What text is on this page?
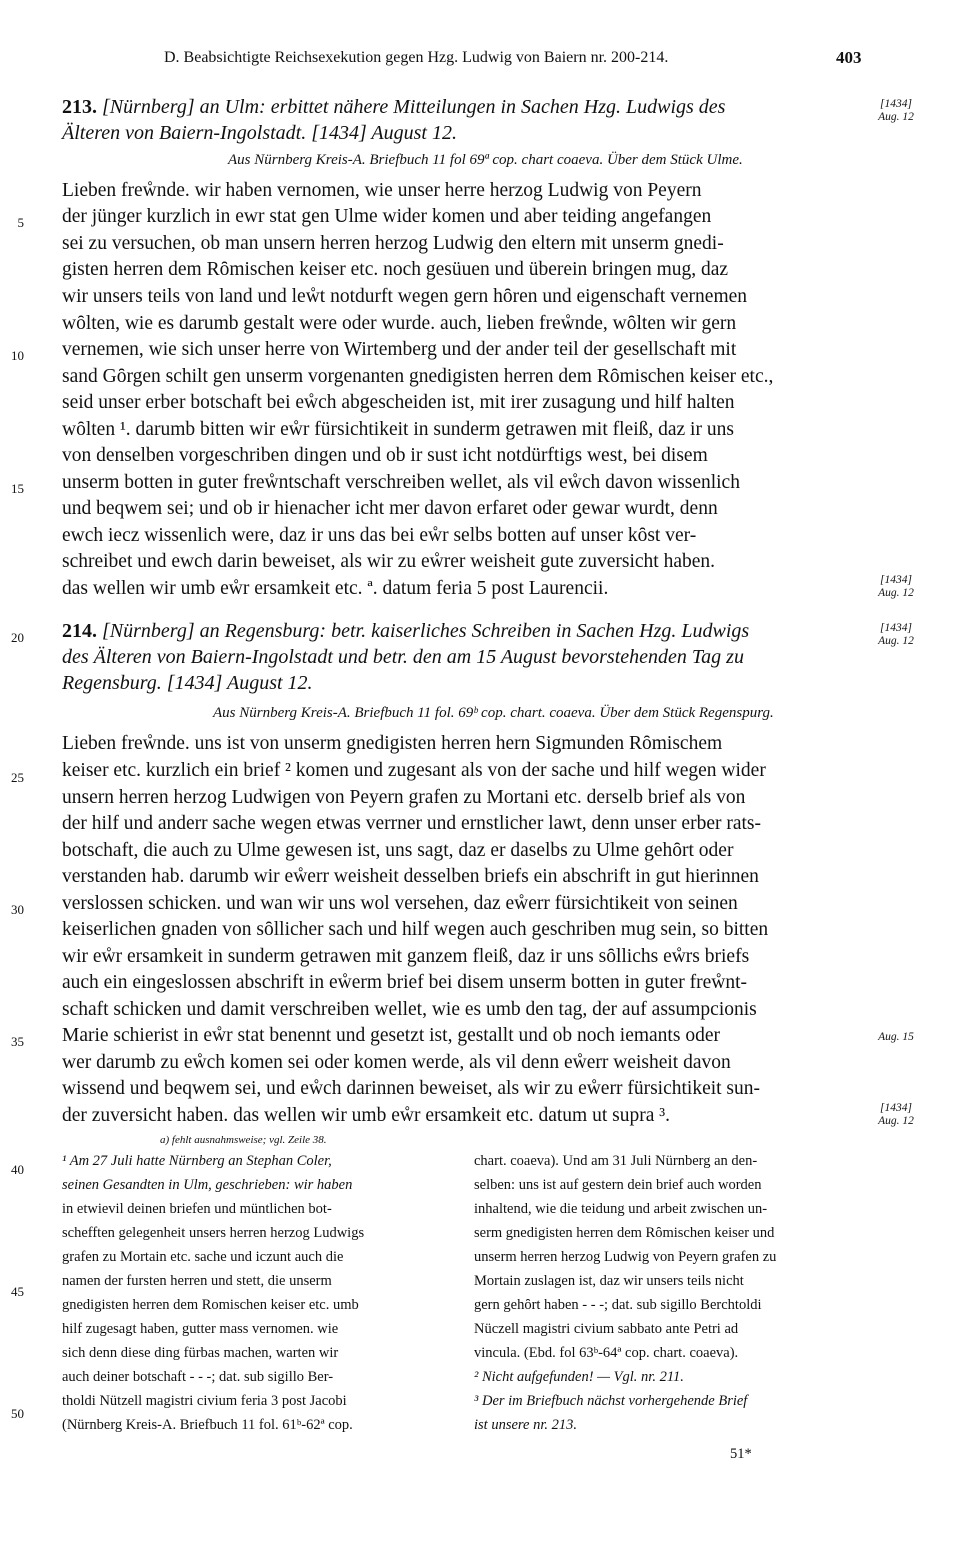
D. Beabsichtigte Reichsexekution gegen Hzg. Ludwig von Baiern nr. 200-214.	403
213. [Nürnberg] an Ulm: erbittet nähere Mitteilungen in Sachen Hzg. Ludwigs des
Älteren von Baiern-Ingolstadt. [1434] August 12.
Aus Nürnberg Kreis-A. Briefbuch 11 fol 69ª cop. chart coaeva. Über dem Stück Ulme.
[1434]
Aug. 12
Lieben freẘnde. wir haben vernomen, wie unser herre herzog Ludwig von Peyern
der jünger kurzlich in ewr stat gen Ulme wider komen und aber teiding angefangen
sei zu versuchen, ob man unsern herren herzog Ludwig den eltern mit unserm gnedi-
gisten herren dem Rȏmischen keiser etc. noch gesüuen und überein bringen mug, daz
wir unsers teils von land und leẘt notdurft wegen gern hȏren und eigenschaft vernemen
wȏlten, wie es darumb gestalt were oder wurde. auch, lieben freẘnde, wȏlten wir gern
vernemen, wie sich unser herre von Wirtemberg und der ander teil der gesellschaft mit
sand Gȏrgen schilt gen unserm vorgenanten gnedigisten herren dem Rȏmischen keiser etc.,
seid unser erber botschaft bei eẘch abgescheiden ist, mit irer zusagung und hilf halten
wȏlten ¹. darumb bitten wir eẘr fürsichtikeit in sunderm getrawen mit fleiß, daz ir uns
von denselben vorgeschriben dingen und ob ir sust icht notdürftigs west, bei disem
unserm botten in guter freẘntschaft verschreiben wellet, als vil eẘch davon wissenlich
und beqwem sei; und ob ir hienacher icht mer davon erfaret oder gewar wurdt, denn
ewch iecz wissenlich were, daz ir uns das bei eẘr selbs botten auf unser kȏst ver-
schreibet und ewch darin beweiset, als wir zu eẘrer weisheit gute zuversicht haben.
das wellen wir umb eẘr ersamkeit etc. ª. datum feria 5 post Laurencii.	[1434]
Aug. 12
214. [Nürnberg] an Regensburg: betr. kaiserliches Schreiben in Sachen Hzg. Ludwigs
des Älteren von Baiern-Ingolstadt und betr. den am 15 August bevorstehenden Tag zu
Regensburg. [1434] August 12.
Aus Nürnberg Kreis-A. Briefbuch 11 fol. 69ᵇ cop. chart. coaeva. Über dem Stück Regenspurg.
[1434]
Aug. 12
Lieben freẘnde. uns ist von unserm gnedigisten herren hern Sigmunden Rȏmischem
keiser etc. kurzlich ein brief ² komen und zugesant als von der sache und hilf wegen wider
unsern herren herzog Ludwigen von Peyern grafen zu Mortani etc. derselb brief als von
der hilf und anderr sache wegen etwas verrner und ernstlicher lawt, denn unser erber rats-
botschaft, die auch zu Ulme gewesen ist, uns sagt, daz er daselbs zu Ulme gehȏrt oder
verstanden hab. darumb wir eẘerr weisheit desselben briefs ein abschrift in gut hierinnen
verslossen schicken. und wan wir uns wol versehen, daz eẘerr fürsichtikeit von seinen
keiserlichen gnaden von sȏllicher sach und hilf wegen auch geschriben mug sein, so bitten
wir eẘr ersamkeit in sunderm getrawen mit ganzem fleiß, daz ir uns sȏllichs eẘrs briefs
auch ein eingeslossen abschrift in eẘerm brief bei disem unserm botten in guter freẘnt-
schaft schicken und damit verschreiben wellet, wie es umb den tag, der auf assumpcionis
Marie schierist in eẘr stat benennt und gesetzt ist, gestallt und ob noch iemants oder
wer darumb zu eẘch komen sei oder komen werde, als vil denn eẘerr weisheit davon
wissend und beqwem sei, und eẘch darinnen beweiset, als wir zu eẘerr fürsichtikeit sun-
der zuversicht haben. das wellen wir umb eẘr ersamkeit etc. datum ut supra ³.
Aug. 15
[1434]
Aug. 12
5
10
15
20
25
30
35
40
45
50
a) fehlt ausnahmsweise; vgl. Zeile 38.
¹ Am 27 Juli hatte Nürnberg an Stephan Coler,
seinen Gesandten in Ulm, geschrieben: wir haben
in etwievil deinen briefen und müntlichen bot-
schefften gelegenheit unsers herren herzog Ludwigs
grafen zu Mortain etc. sache und iczunt auch die
namen der fursten herren und stett, die unserm
gnedigisten herren dem Romischen keiser etc. umb
hilf zugesagt haben, gutter mass vernomen. wie
sich denn diese ding fürbas machen, warten wir
auch deiner botschaft - - -; dat. sub sigillo Ber-
tholdi Nützell magistri civium feria 3 post Jacobi
(Nürnberg Kreis-A. Briefbuch 11 fol. 61ᵇ-62ª cop.
chart. coaeva). Und am 31 Juli Nürnberg an den-
selben: uns ist auf gestern dein brief auch worden
inhaltend, wie die teidung und arbeit zwischen un-
serm gnedigisten herren dem Rȏmischen keiser und
unserm herren herzog Ludwig von Peyern grafen zu
Mortain zuslagen ist, daz wir unsers teils nicht
gern gehȏrt haben - - -; dat. sub sigillo Berchtoldi
Nüczell magistri civium sabbato ante Petri ad
vincula. (Ebd. fol 63ᵇ-64ª cop. chart. coaeva).
² Nicht aufgefunden! — Vgl. nr. 211.
³ Der im Briefbuch nächst vorhergehende Brief
ist unsere nr. 213.
51*
